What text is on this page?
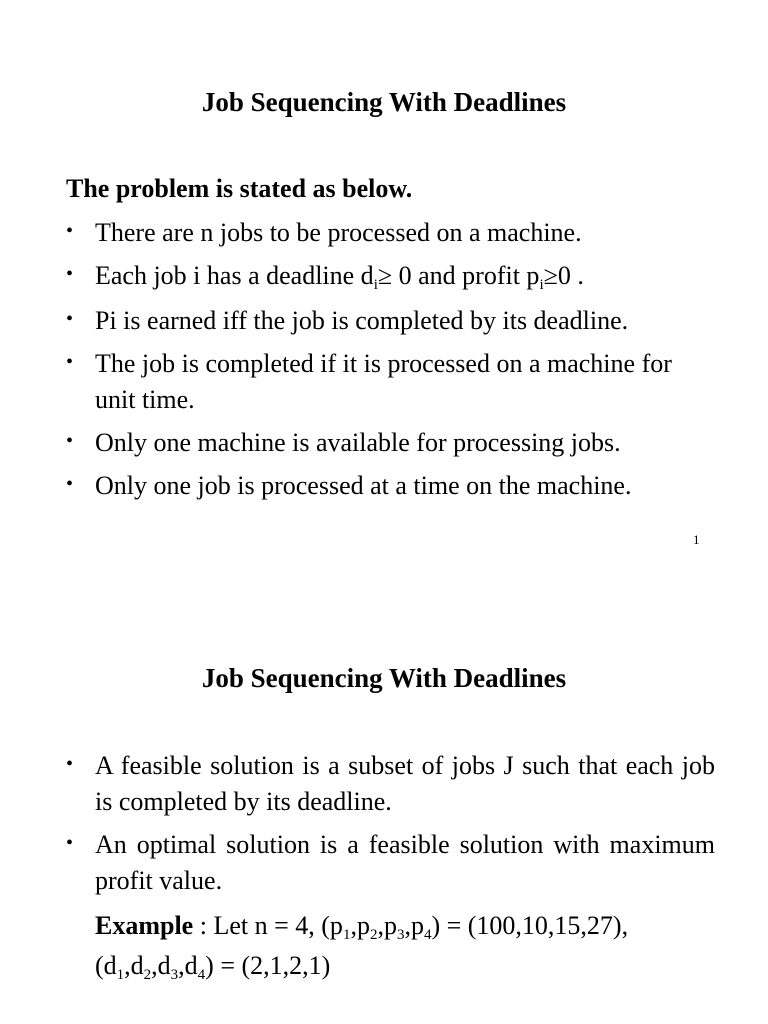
Job Sequencing With Deadlines

The problem is stated as below.

• There are n jobs to be processed on a machine.
• Each job i has a deadline $d_i\ge 0$ and profit $p_i\ge 0$ .
• Pi is earned iff the job is completed by its deadline.
• The job is completed if it is processed on a machine for unit time.
• Only one machine is available for processing jobs.
• Only one job is processed at a time on the machine.
1
Job Sequencing With Deadlines
• A feasible solution is a subset of jobs J such that each job is completed by its deadline.
• An optimal solution is a feasible solution with maximum profit value.
Example : Let n = 4, $(p_1,p_2,p_3,p_4) = (100,10,15,27)$,
$(d_1,d_2,d_3,d_4) = (2,1,2,1)$
